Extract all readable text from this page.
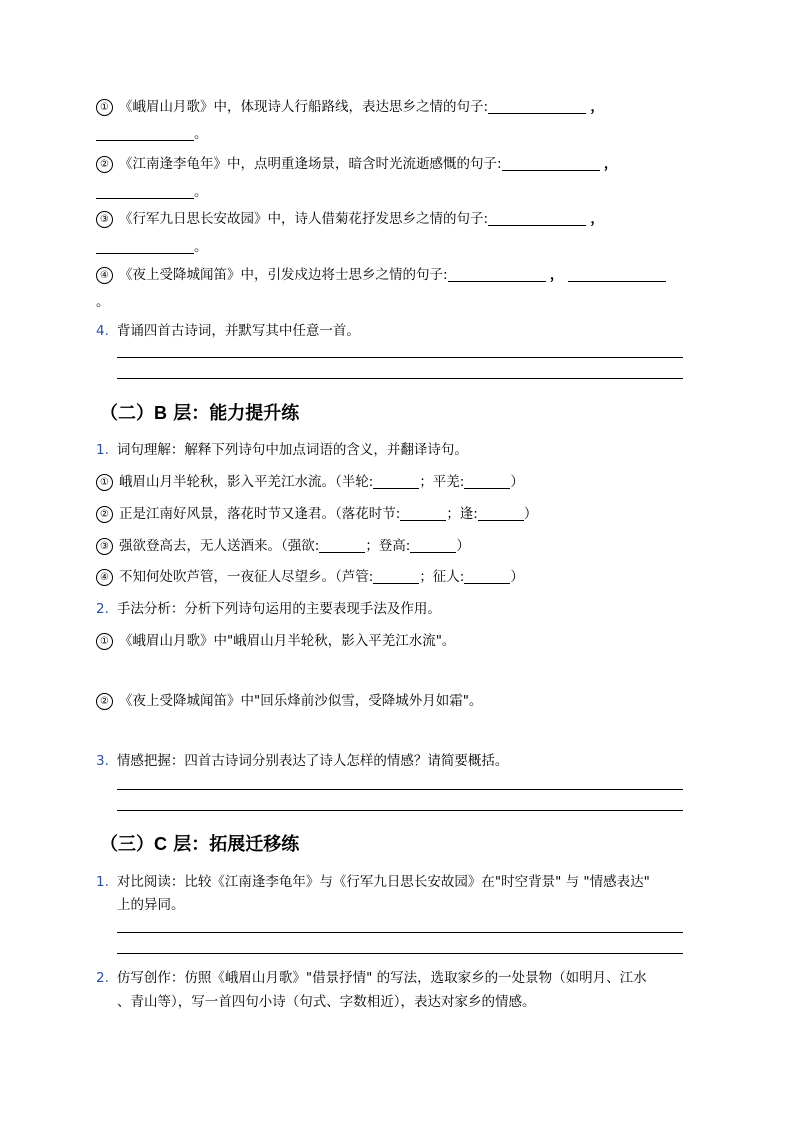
① 《峨眉山月歌》中，体现诗人行船路线，表达思乡之情的句子:	，
。
② 《江南逢李龟年》中，点明重逢场景，暗含时光流逝感慨的句子:	，
。
③ 《行军九日思长安故园》中，诗人借菊花抒发思乡之情的句子:	，
。
④ 《夜上受降城闻笛》中，引发戍边将士思乡之情的句子:	，
。
4. 背诵四首古诗词，并默写其中任意一首。
（二）B 层：能力提升练
1. 词句理解：解释下列诗句中加点词语的含义，并翻译诗句。
① 峨眉山月半轮秋，影入平羌江水流。（半轮:	；平羌:	）
② 正是江南好风景，落花时节又逢君。（落花时节:	；逢:	）
③ 强欲登高去，无人送酒来。（强欲:	；登高:	）
④ 不知何处吹芦管，一夜征人尽望乡。（芦管:	；征人:	）
2. 手法分析：分析下列诗句运用的主要表现手法及作用。
① 《峨眉山月歌》中"峨眉山月半轮秋，影入平羌江水流"。
② 《夜上受降城闻笛》中"回乐烽前沙似雪，受降城外月如霜"。
3. 情感把握：四首古诗词分别表达了诗人怎样的情感？请简要概括。
（三）C 层：拓展迁移练
1. 对比阅读：比较《江南逢李龟年》与《行军九日思长安故园》在"时空背景" 与 "情感表达"
上的异同。
2. 仿写创作：仿照《峨眉山月歌》"借景抒情" 的写法，选取家乡的一处景物（如明月、江水
、青山等），写一首四句小诗（句式、字数相近），表达对家乡的情感。
